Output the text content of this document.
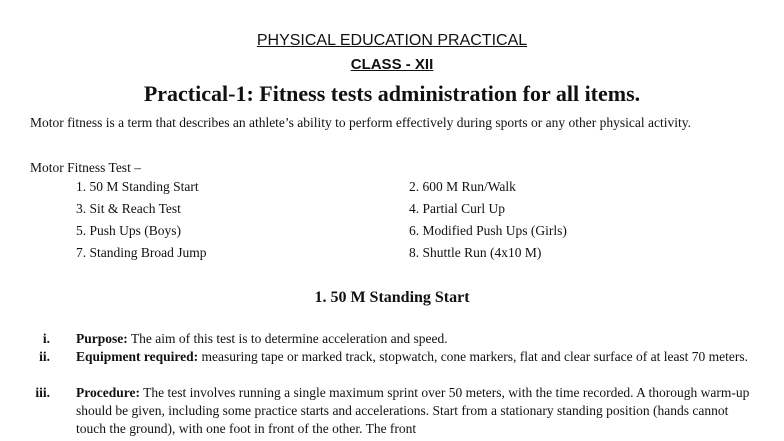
PHYSICAL EDUCATION PRACTICAL
CLASS - XII
Practical-1: Fitness tests administration for all items.
Motor fitness is a term that describes an athlete’s ability to perform effectively during sports or any other physical activity.
Motor Fitness Test –
1. 50 M Standing Start	2. 600 M Run/Walk
3. Sit & Reach Test	4. Partial Curl Up
5. Push Ups (Boys)	6. Modified Push Ups (Girls)
7. Standing Broad Jump	8. Shuttle Run (4x10 M)
1. 50 M Standing Start
i. Purpose: The aim of this test is to determine acceleration and speed.
ii. Equipment required: measuring tape or marked track, stopwatch, cone markers, flat and clear surface of at least 70 meters.
iii. Procedure: The test involves running a single maximum sprint over 50 meters, with the time recorded. A thorough warm-up should be given, including some practice starts and accelerations. Start from a stationary standing position (hands cannot touch the ground), with one foot in front of the other. The front
